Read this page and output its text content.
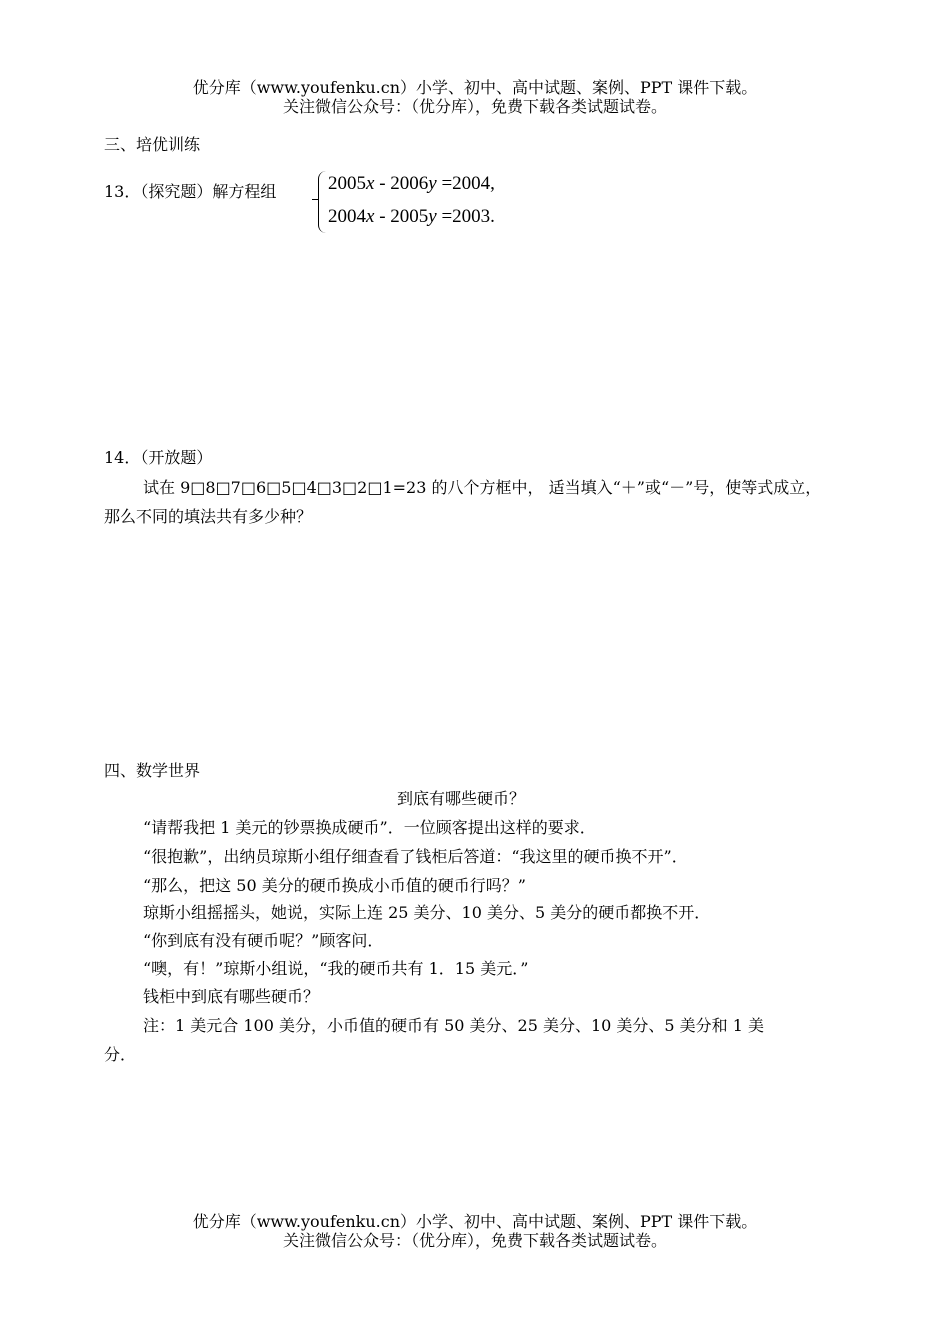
优分库（www.youfenku.cn）小学、初中、高中试题、案例、PPT 课件下载。
关注微信公众号：（优分库），免费下载各类试题试卷。
三、培优训练
13．（探究题）解方程组	2005x - 2006y =2004,
2004x - 2005y =2003.
14．（开放题）
试在 9□8□7□6□5□4□3□2□1=23 的八个方框中， 适当填入“＋”或“－”号，使等式成立，
那么不同的填法共有多少种？
四、数学世界
到底有哪些硬币？
“请帮我把 1 美元的钞票换成硬币”．一位顾客提出这样的要求．
“很抱歉”，出纳员琼斯小组仔细查看了钱柜后答道：“我这里的硬币换不开”．
“那么，把这 50 美分的硬币换成小币值的硬币行吗？”
琼斯小组摇摇头，她说，实际上连 25 美分、10 美分、5 美分的硬币都换不开．
“你到底有没有硬币呢？”顾客问．
“噢，有！”琼斯小组说，“我的硬币共有 1．15 美元．”
钱柜中到底有哪些硬币？
注：1 美元合 100 美分，小币值的硬币有 50 美分、25 美分、10 美分、5 美分和 1 美
分．
优分库（www.youfenku.cn）小学、初中、高中试题、案例、PPT 课件下载。
关注微信公众号：（优分库），免费下载各类试题试卷。
